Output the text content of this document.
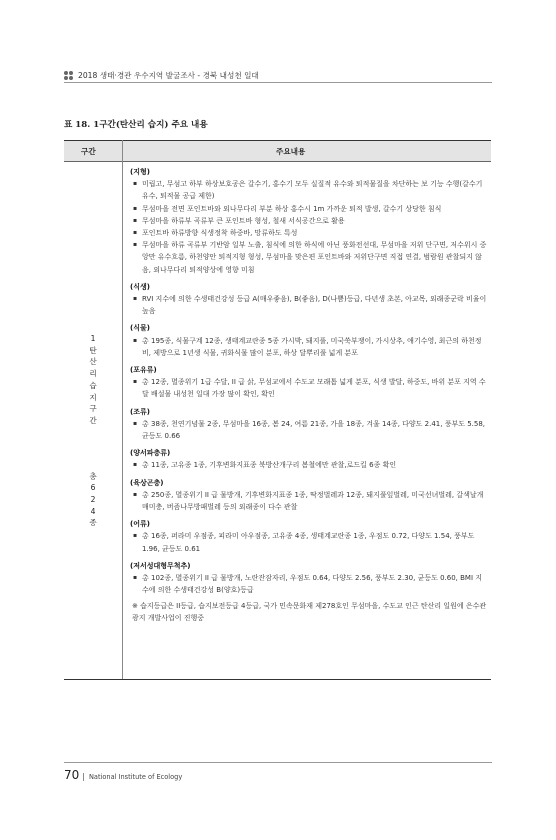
2018 생태·경관 우수지역 발굴조사 - 경북 내성천 일대
표 18. 1구간(탄산리 습지) 주요 내용
구간	주요내용
1
탄
산
리
습
지
구
간
총
6
2
4
종
(지형)
▪ 미립고, 무섬고 하부 하상보호공은 갈수기, 홍수기 모두 실질적 유수와 퇴적물질을 차단하는 보 기능 수행(갈수기 유수, 퇴적물 공급 제한)
▪ 무섬마을 전면 포인트바와 외나무다리 부분 하상 홍수시 1m 가까운 퇴적 발생, 갈수기 상당한 침식
▪ 무섬마을 하류부 곡류부 큰 포인트바 형성, 철새 서식공간으로 활용
▪ 포인트바 하류방향 식생정착 하중바, 망류하도 특성
▪ 무섬마을 하류 곡류부 기반암 일부 노출, 침식에 의한 하식에 아닌 풍화전선대, 무섬마을 저위 단구면, 저수위시 중앙만 유수흐름, 하천양안 퇴적지형 형성, 무섬마을 맞은편 포인트바와 저위단구면 직접 연결, 범람원 관찰되지 않음, 외나무다리 퇴적양상에 영향 미침
(식생)
▪ RVI 지수에 의한 수생태건강성 등급 A(매우좋음), B(좋음), D(나쁨)등급, 다년생 초본, 아교목, 외래종군락 비율이 높음
(식물)
▪ 총 195종, 식물구계 12종, 생태계교란종 5종 가시박, 돼지풀, 미국쑥부쟁이, 가시상추, 애기수영, 최근의 하천정비, 제방으로 1년생 식물, 귀화식물 많이 분포, 하상 달뿌리풀 넓게 분포
(포유류)
▪ 총 12종, 멸종위기 1급 수달, II 급 삵, 무섬교에서 수도교 모래톱 넓게 분포, 식생 발달, 하중도, 바위 분포 지역 수달 배설물 내성천 일대 가장 많이 확인, 확인
(조류)
▪ 총 38종, 천연기념물 2종, 무섬마을 16종, 봄 24, 여름 21종, 가을 18종, 겨울 14종, 다양도 2.41, 풍부도 5.58, 균등도 0.66
(양서파충류)
▪ 총 11종, 고유종 1종, 기후변화지표종 북방산개구리 봄철에만 관찰,로드킬 6종 확인
(육상곤충)
▪ 총 250종, 멸종위기 II 급 물방개, 기후변화지표종 1종, 딱정벌레과 12종, 돼지풀잎벌레, 미국선녀벌레, 갈색날개매미충, 버즘나무방패벌레 등의 외래종이 다수 관찰
(어류)
▪ 총 16종, 퍼라미 우점종, 피라미 아우점종, 고유종 4종, 생태계교란종 1종, 우점도 0.72, 다양도 1.54, 풍부도 1.96, 균등도 0.61
(저서성대형무척추)
▪ 총 102종, 멸종위기 II 급 물방개, 노란잔잠자리, 우점도 0.64, 다양도 2.56, 풍부도 2.30, 균등도 0.60, BMI 지수에 의한 수생태건강성 B(양호)등급
※ 습지등급은 II등급, 습지보전등급 4등급, 국가 민속문화재 제278호인 무섬마을, 수도교 인근 탄산리 일원에 은수관광지 개발사업이 진행중
70 | National Institute of Ecology
